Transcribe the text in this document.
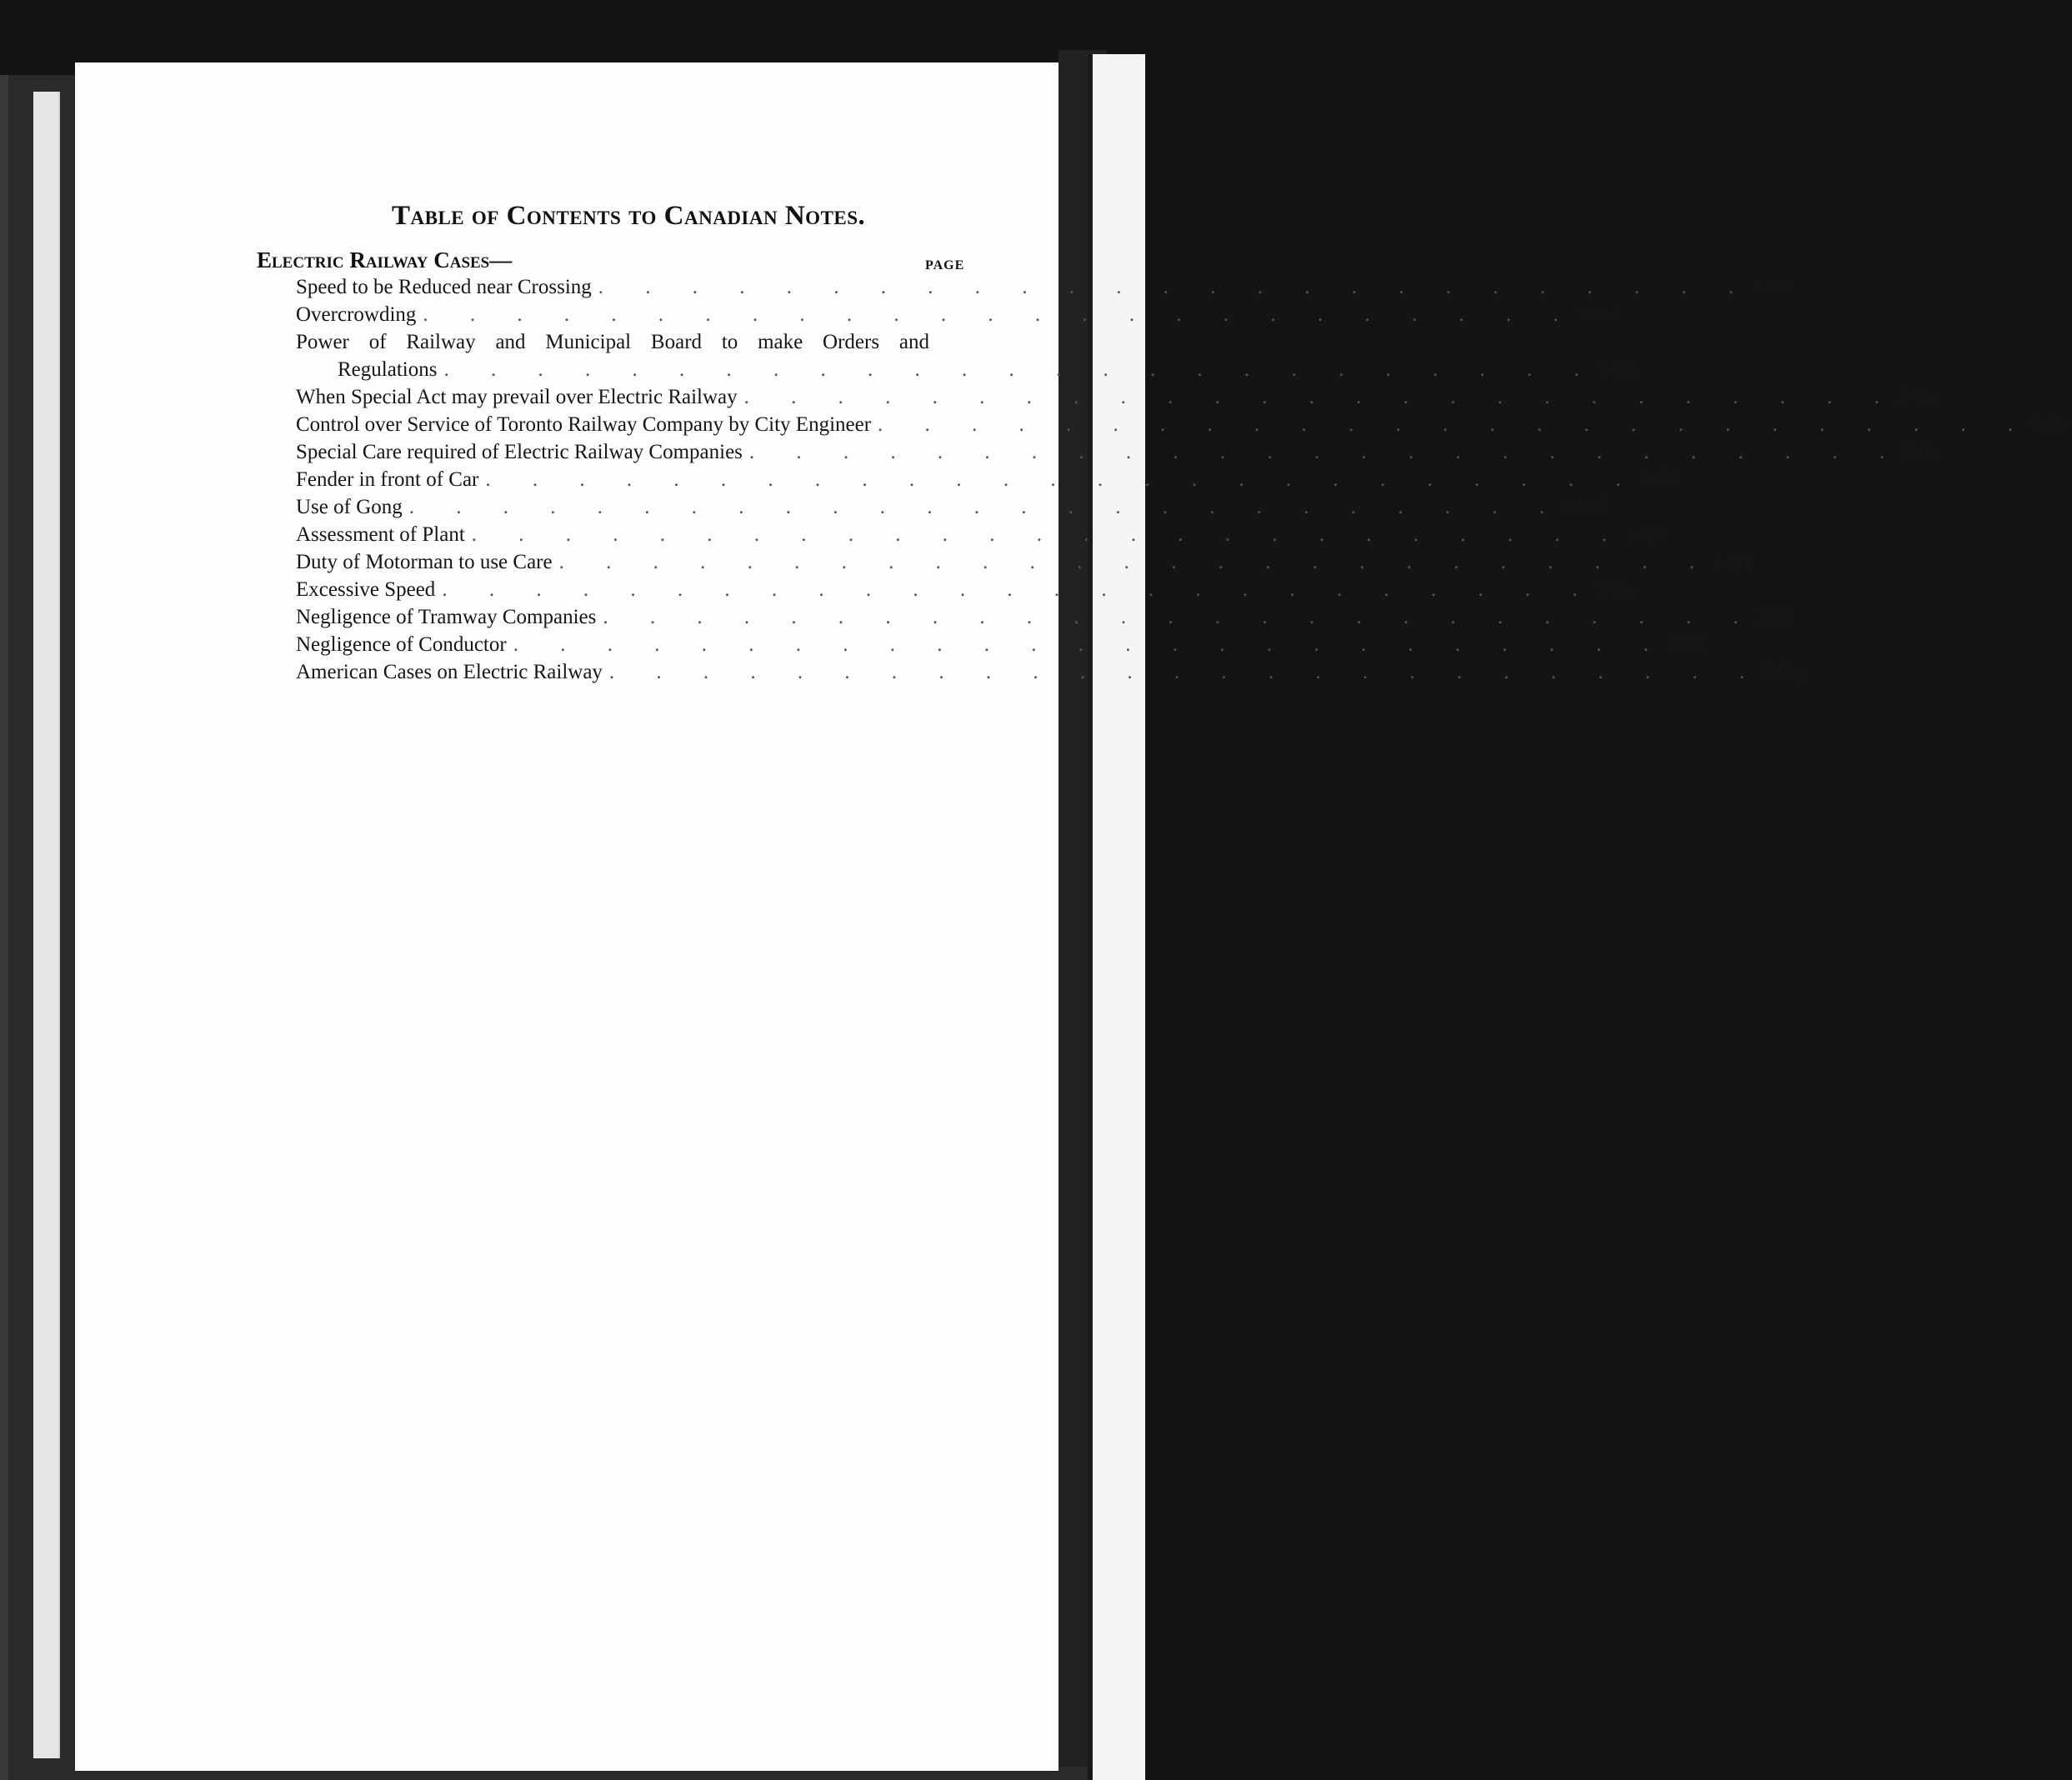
Table of Contents to Canadian Notes.
Electric Railway Cases—	PAGE
Speed to be Reduced near Crossing . . . . . . . . . . . . . . . . . . . . . . . . . 549a
Overcrowding . . . . . . . . . . . . . . . . . . . . . . . . . 549a
Power of Railway and Municipal Board to make Orders and
Regulations . . . . . . . . . . . . . . . . . . . . . . . . . 549b
When Special Act may prevail over Electric Railway . . . . . . . . . . . . . . . . . . . . . . . . . 549c
Control over Service of Toronto Railway Company by City Engineer . . . . . . . . . . . . . . . . . . . . . . . . . 549c
Special Care required of Electric Railway Companies . . . . . . . . . . . . . . . . . . . . . . . . . 549c
Fender in front of Car . . . . . . . . . . . . . . . . . . . . . . . . . 549d
Use of Gong . . . . . . . . . . . . . . . . . . . . . . . . . 549d
Assessment of Plant . . . . . . . . . . . . . . . . . . . . . . . . . 549e
Duty of Motorman to use Care . . . . . . . . . . . . . . . . . . . . . . . . . 549e
Excessive Speed . . . . . . . . . . . . . . . . . . . . . . . . . 549e
Negligence of Tramway Companies . . . . . . . . . . . . . . . . . . . . . . . . . 549f
Negligence of Conductor . . . . . . . . . . . . . . . . . . . . . . . . . 549f
American Cases on Electric Railway . . . . . . . . . . . . . . . . . . . . . . . . . 549g
